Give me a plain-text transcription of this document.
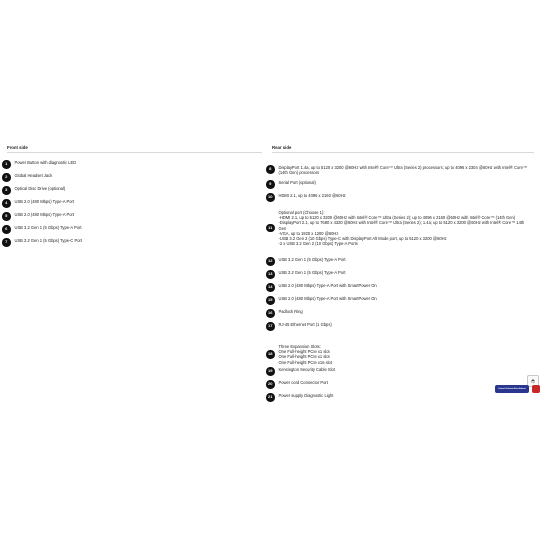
Front side	Rear side
1	Power Button with diagnostic LED
2	Global Headset Jack
3	Optical Disc Drive (optional)
4	USB 2.0 (480 Mbps) Type-A Port
5	USB 2.0 (480 Mbps) Type-A Port
6	USB 3.2 Gen 1 (5 Gbps) Type-A Port
7	USB 3.2 Gen 1 (5 Gbps) Type-C Port
8	DisplayPort 1.4a, up to 5120 x 3200 @60Hz with Intel® Core™ Ultra (Series 2) processors; up to 4096 x 2304 @60Hz with Intel® Core™ (14th Gen) processors
9	Serial Port (optional)
10	HDMI 2.1, up to 4096 x 2160 @60Hz
11
Optional port (Choose 1):
-HDMI 2.1, up to 5120 x 3200 @60Hz with Intel® Core™ Ultra (Series 2); up to 4096 x 2160 @60Hz with Intel® Core™ (14th Gen)
-DisplayPort 2.1, up to 7680 x 4320 @60Hz with Intel® Core™ Ultra (Series 2); 1.4a; up to 5120 x 3200 @60Hz with Intel® Core™ 14th Gen
-VGA, up to 1920 x 1200 @60Hz
-USB 3.2 Gen 2 (10 Gbps) Type-C with DisplayPort Alt Mode port, up to 5120 x 3200 @60Hz
-2 x USB 3.2 Gen 2 (10 Gbps) Type-A Ports
12	USB 3.2 Gen 1 (5 Gbps) Type-A Port
13	USB 3.2 Gen 1 (5 Gbps) Type-A Port
14	USB 2.0 (480 Mbps) Type-A Port with SmartPower On
15	USB 2.0 (480 Mbps) Type-A Port with SmartPower On
16	Padlock Ring
17	RJ-45 Ethernet Port (1 Gbps)
18
Three Expansion Slots:
One Full-height PCIe x1 slot
One Full-height PCIe x1 slot
One Full-height PCIe x16 slot
19	Kensington Security Cable Slot
20	Power cord Connector Port
21	Power supply Diagnostic Light
Top
Contact Technical Sales Advisor
